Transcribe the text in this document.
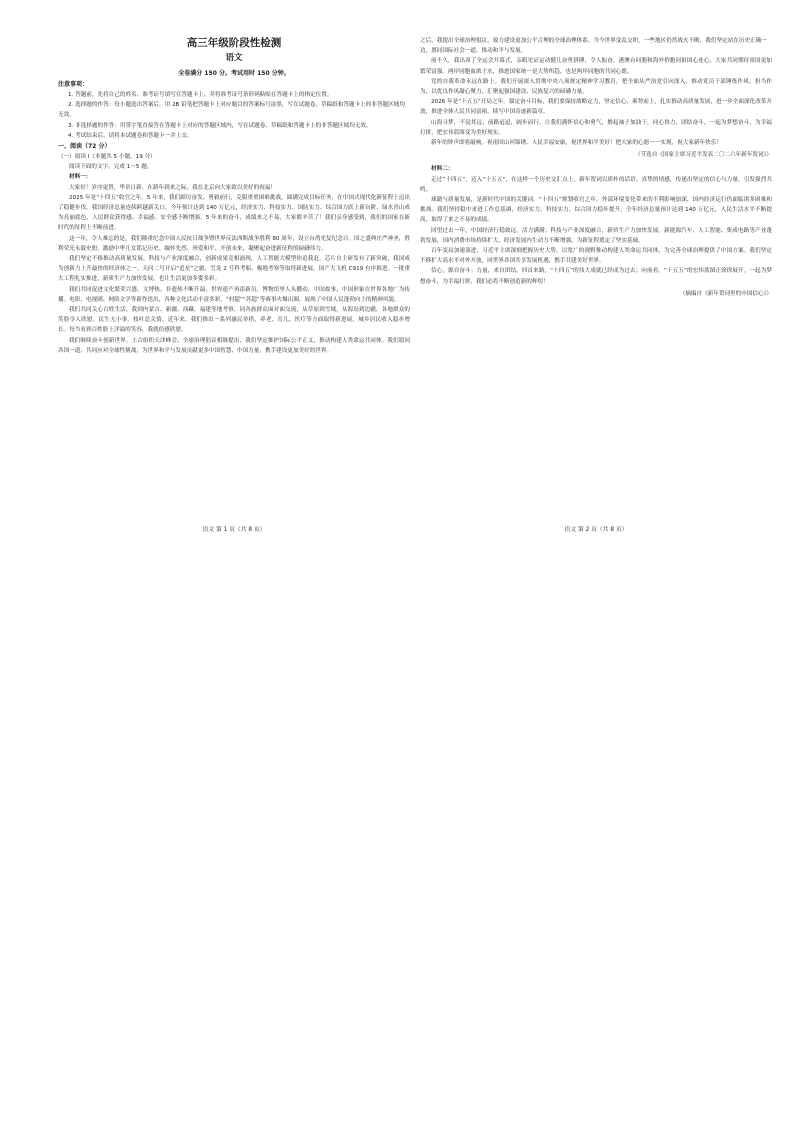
高三年级阶段性检测
语文
全卷满分 150 分。考试用时 150 分钟。
注意事项：

1. 答题前，先将自己的姓名、准考证号填写在答题卡上，并将准考证号条形码粘贴在答题卡上的指定位置。

2. 选择题的作答：每小题选出答案后，用 2B 铅笔把答题卡上对应题目的答案标号涂黑，写在试题卷、草稿纸和答题卡上的非答题区域均无效。

3. 非选择题的作答：用签字笔直接答在答题卡上对应的答题区域内，写在试题卷、草稿纸和答题卡上的非答题区域均无效。

4. 考试结束后，请将本试题卷和答题卡一并上交。

一、阅读（72 分）
（一）阅读 I（本题共 5 小题，19 分）
阅读下面的文字，完成 1～5 题。
材料一：

大家好！岁序更替，华章日新。在新年到来之际，我在北京向大家致以美好的祝福！

2025 年是“十四五”收官之年。5 年来，我们踔厉奋发、勇毅前行，克服重重困难挑战，圆满完成目标任务，在中国式现代化新征程上迈出了稳健步伐。我国经济总量连续跨越新关口，今年预计达到 140 万亿元，经济实力、科技实力、国防实力、综合国力跃上新台阶，绿水青山成为亮丽底色，人民群众获得感、幸福感、安全感不断增强。5 年来的奋斗，成绩来之不易，大家都辛苦了！我们亲身感受到，我们的国家在新时代的征程上不断前进。

这一年，令人难忘的是，我们隆重纪念中国人民抗日战争暨世界反法西斯战争胜利 80 周年，设立台湾光复纪念日。国之盛典庄严神圣，胜利荣光永载史册，激励中华儿女铭记历史、缅怀先烈、珍爱和平、开创未来，凝聚起奋进新征程的磅礴伟力。

我们坚定不移推动高质量发展。科技与产业深度融合，创新成果竞相涌现，人工智能大模型你追我赶，芯片自主研发有了新突破，我国成为创新力上升最快的经济体之一。天问二号开启“追星”之旅，雪龙 2 号科考船、极地考察等取得新进展，国产大飞机 C919 有序推进。一批重大工程扎实推进，新质生产力加快发展，也让生活更加多姿多彩。

我们共同促进文化繁荣兴盛。文博热、非遗热不断升温，世界遗产再添新员，博物馆里人头攒动，中国故事、中国形象在世界各地广为传播。电影、电视剧、网络文学等新作迭出，各种文化活动丰富多彩，“村超”“苏超”等赛事火爆出圈，展现了中国人民蓬勃向上的精神风貌。

我们共同关心百姓生活。我到内蒙古、新疆、西藏、福建等地考察，同各族群众面对面交流，从草原到雪域，从海岛到边疆，各地群众的笑脸令人欣慰。民生无小事，枝叶总关情。近年来，我们推出一系列惠民举措，养老、育儿、医疗等方面取得新进展，城乡居民收入稳步增长。每当看到百姓脸上洋溢的笑容，我就倍感欣慰。

我们继续奋斗创新世界。上合组织天津峰会、全球治理倡议相继提出，我们坚定维护国际公平正义，推动构建人类命运共同体。我们愿同各国一道，共同应对全球性挑战，为世界和平与发展贡献更多中国智慧、中国力量，携手建设更加美好的世界。

之后，我提出全球治理倡议，致力建设更加公平合理的全球治理体系。当今世界变乱交织，一些地区仍然战火不断，我们坚定站在历史正确一边，愿同国际社会一道，推动和平与发展。

前不久，我出席了全运会开幕式，亲眼见证运动健儿奋勇拼搏，令人振奋。港澳台同胞和海外侨胞同祖国心连心，大家共同期待祖国更加繁荣富强。两岸同胞血浓于水，推进国家统一是大势所趋，也是两岸同胞的共同心愿。

党的自我革命永远在路上。我们开展深入贯彻中央八项规定精神学习教育，把全面从严治党引向深入，推动党员干部锤炼作风、担当作为，以优良作风凝心聚力，汇聚起强国建设、民族复兴的磅礴力量。

2026 年是“十五五”开局之年。锚定奋斗目标，我们要保持战略定力，坚定信心，乘势而上，扎实推动高质量发展，进一步全面深化改革开放，推进全体人民共同富裕，续写中国奇迹新篇章。

山海寻梦，不觉其远；前路迢迢，阔步而行。让我们满怀信心和勇气，撸起袖子加油干，同心协力、团结奋斗，一起为梦想奋斗，为幸福打拼，把宏伟蓝图变为美好现实。

新年的钟声即将敲响。祝祖国山河锦绣、人民幸福安康，祝世界和平美好！把大家的心愿一一实现，祝大家新年快乐！

（节选自《国家主席习近平发表二〇二六年新年贺词》）
材料二：

走过“十四五”，迈入“十五五”，在这样一个历史交汇点上，新年贺词以质朴的话语、真挚的情感，传递出坚定的信心与力量，引发强烈共鸣。

球籍与质量发展，是新时代中国的关键词。“十四五”规划收官之年，外部环境变化带来的不利影响加深，国内经济运行仍面临诸多困难和挑战。我们坚持稳中求进工作总基调，经济实力、科技实力、综合国力稳步提升，全年经济总量预计达到 140 万亿元，人民生活水平不断提高，取得了来之不易的成绩。

回望过去一年，中国经济行稳致远，活力满满；科技与产业深度融合，新质生产力加快发展。新能源汽车、人工智能、集成电路等产业蓬勃发展，国内消费市场持续扩大，经济发展内生动力不断增强，为新征程奠定了坚实基础。

百年变局加速演进，习近平主席深刻把握历史大势，以宽广的视野推动构建人类命运共同体，为完善全球治理提供了中国方案。我们坚定不移扩大高水平对外开放，同世界各国共享发展机遇，携手共建美好世界。

信心，源自奋斗；力量，来自团结。回首来路，“十四五”的伟大成就已经成为过去；向前看，“十五五”的宏伟蓝图正徐徐展开。一起为梦想奋斗，为幸福打拼，我们必将不断创造新的辉煌！

（摘编自《新年贺词里的中国信心》）
语文 第 1 页（共 8 页）	语文 第 2 页（共 8 页）
